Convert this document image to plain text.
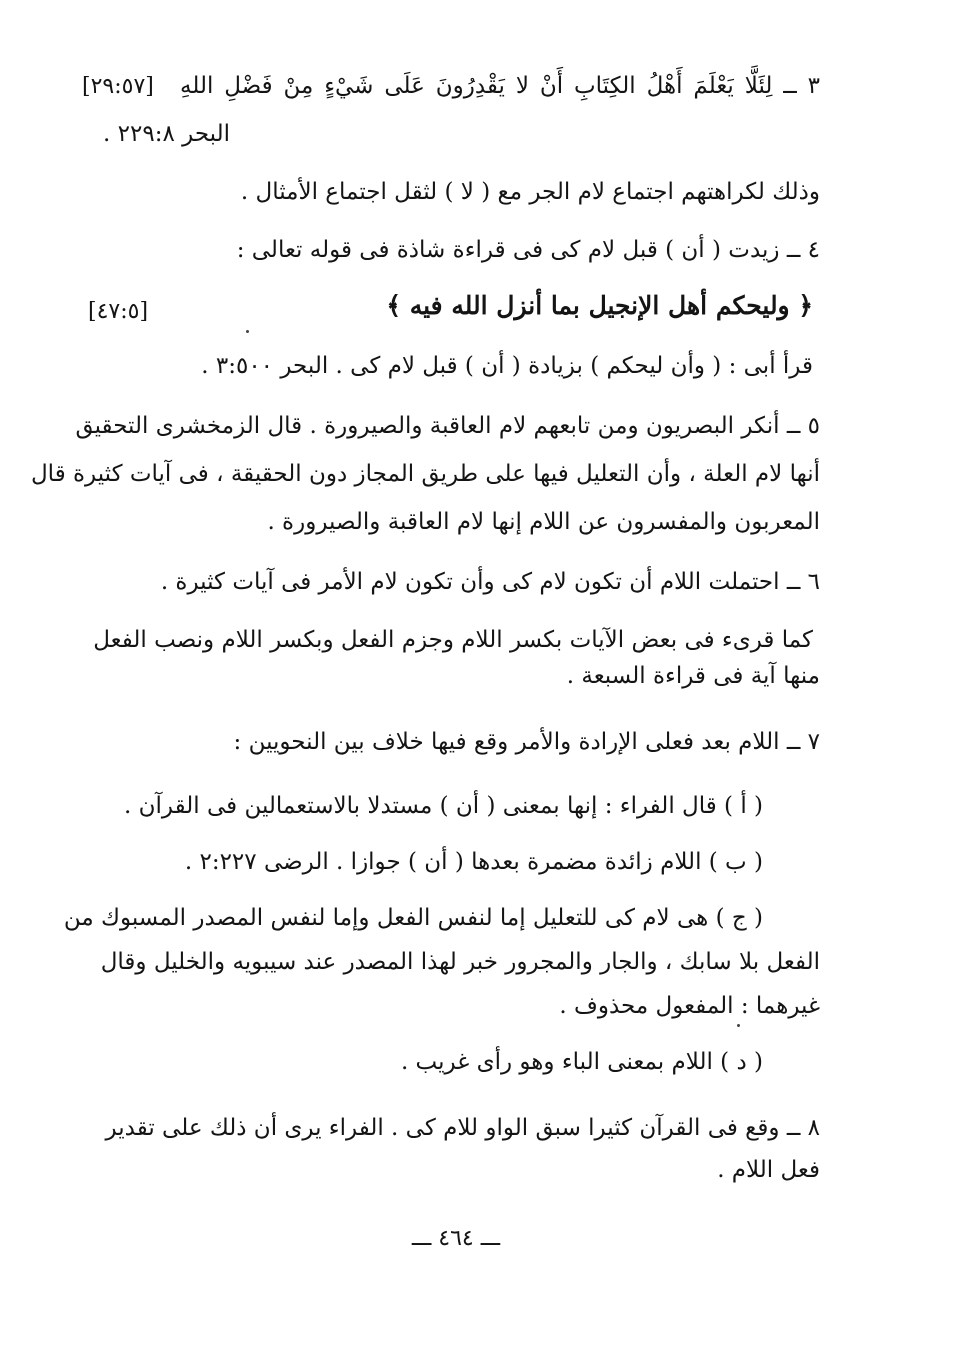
٣ ــ لِئَلَّا يَعْلَمَ أَهْلُ الكِتَابِ أَنْ لا يَقْدِرُونَ عَلَى شَيْءٍ مِنْ فَضْلِ اللهِ
[٢٩:٥٧]
البحر ٢٢٩:٨ .
وذلك لكراهتهم اجتماع لام الجر مع ( لا ) لثقل اجتماع الأمثال .
٤ ــ زيدت ( أن ) قبل لام كى فى قراءة شاذة فى قوله تعالى :
﴿ وليحكم أهل الإنجيل بما أنزل الله فيه ﴾
[٤٧:٥]
قرأ أبى : ( وأن ليحكم ) بزيادة ( أن ) قبل لام كى . البحر ٣:٥٠٠ .
٥ ــ أنكر البصريون ومن تابعهم لام العاقبة والصيرورة . قال الزمخشرى التحقيق
أنها لام العلة ، وأن التعليل فيها على طريق المجاز دون الحقيقة ، فى آيات كثيرة قال
المعربون والمفسرون عن اللام إنها لام العاقبة والصيرورة .
٦ ــ احتملت اللام أن تكون لام كى وأن تكون لام الأمر فى آيات كثيرة .
كما قرىء فى بعض الآيات بكسر اللام وجزم الفعل وبكسر اللام ونصب الفعل
منها آية فى قراءة السبعة .
٧ ــ اللام بعد فعلى الإرادة والأمر وقع فيها خلاف بين النحويين :
( أ ) قال الفراء : إنها بمعنى ( أن ) مستدلا بالاستعمالين فى القرآن .
( ب ) اللام زائدة مضمرة بعدها ( أن ) جوازا . الرضى ٢:٢٢٧ .
( ج ) هى لام كى للتعليل إما لنفس الفعل وإما لنفس المصدر المسبوك من
الفعل بلا سابك ، والجار والمجرور خبر لهذا المصدر عند سيبويه والخليل وقال
غيرهما : المفعول محذوف .
( د ) اللام بمعنى الباء وهو رأى غريب .
٨ ــ وقع فى القرآن كثيرا سبق الواو للام كى . الفراء يرى أن ذلك على تقدير
فعل اللام .
ـــ ٤٦٤ ـــ
